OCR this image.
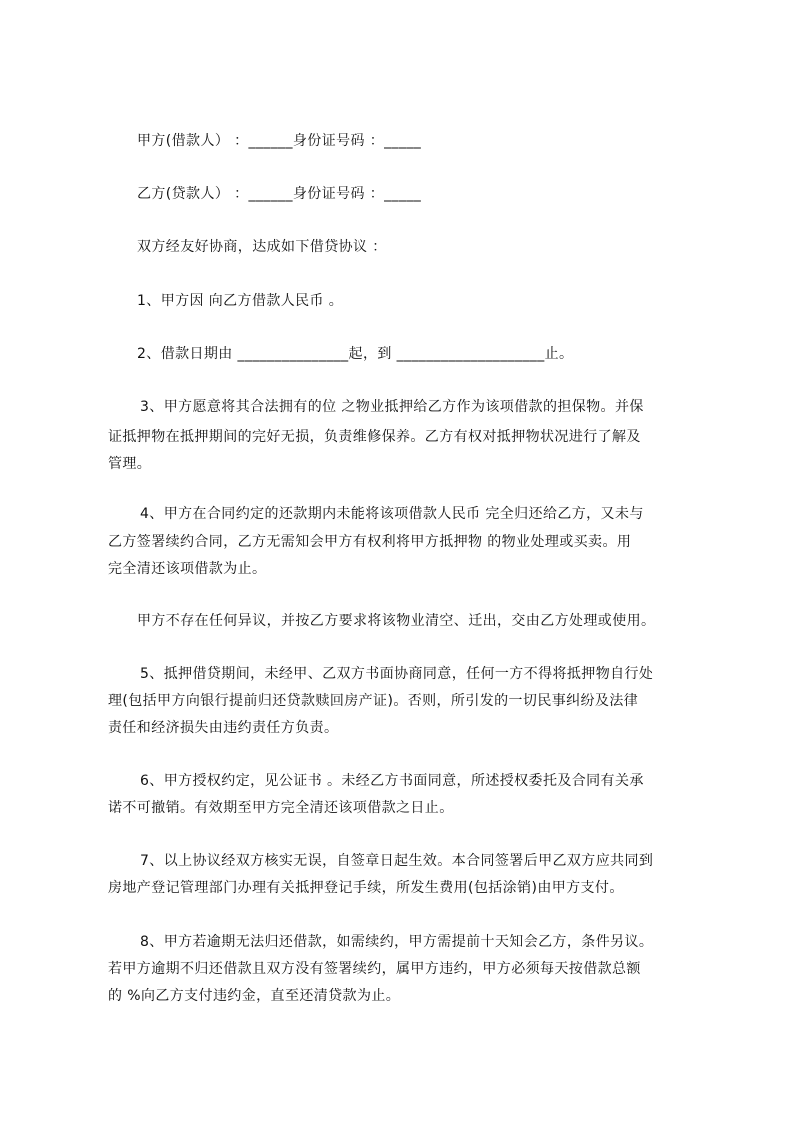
甲方(借款人） ：______身份证号码 ：_____
乙方(贷款人） ：______身份证号码 ：_____
双方经友好协商，达成如下借贷协议 ：
1、甲方因 向乙方借款人民币 。
2、借款日期由 _______________起，到 ____________________止。
3、甲方愿意将其合法拥有的位 之物业抵押给乙方作为该项借款的担保物。并保
证抵押物在抵押期间的完好无损，负责维修保养。乙方有权对抵押物状况进行了解及
管理。
4、甲方在合同约定的还款期内未能将该项借款人民币 完全归还给乙方，又未与
乙方签署续约合同，乙方无需知会甲方有权利将甲方抵押物 的物业处理或买卖。用
完全清还该项借款为止。
甲方不存在任何异议，并按乙方要求将该物业清空、迁出，交由乙方处理或使用。
5、抵押借贷期间，未经甲、乙双方书面协商同意，任何一方不得将抵押物自行处
理(包括甲方向银行提前归还贷款赎回房产证)。否则，所引发的一切民事纠纷及法律
责任和经济损失由违约责任方负责。
6、甲方授权约定，见公证书 。未经乙方书面同意，所述授权委托及合同有关承
诺不可撤销。有效期至甲方完全清还该项借款之日止。
7、以上协议经双方核实无误，自签章日起生效。本合同签署后甲乙双方应共同到
房地产登记管理部门办理有关抵押登记手续，所发生费用(包括涂销)由甲方支付。
8、甲方若逾期无法归还借款，如需续约，甲方需提前十天知会乙方，条件另议。
若甲方逾期不归还借款且双方没有签署续约，属甲方违约，甲方必须每天按借款总额
的 %向乙方支付违约金，直至还清贷款为止。
